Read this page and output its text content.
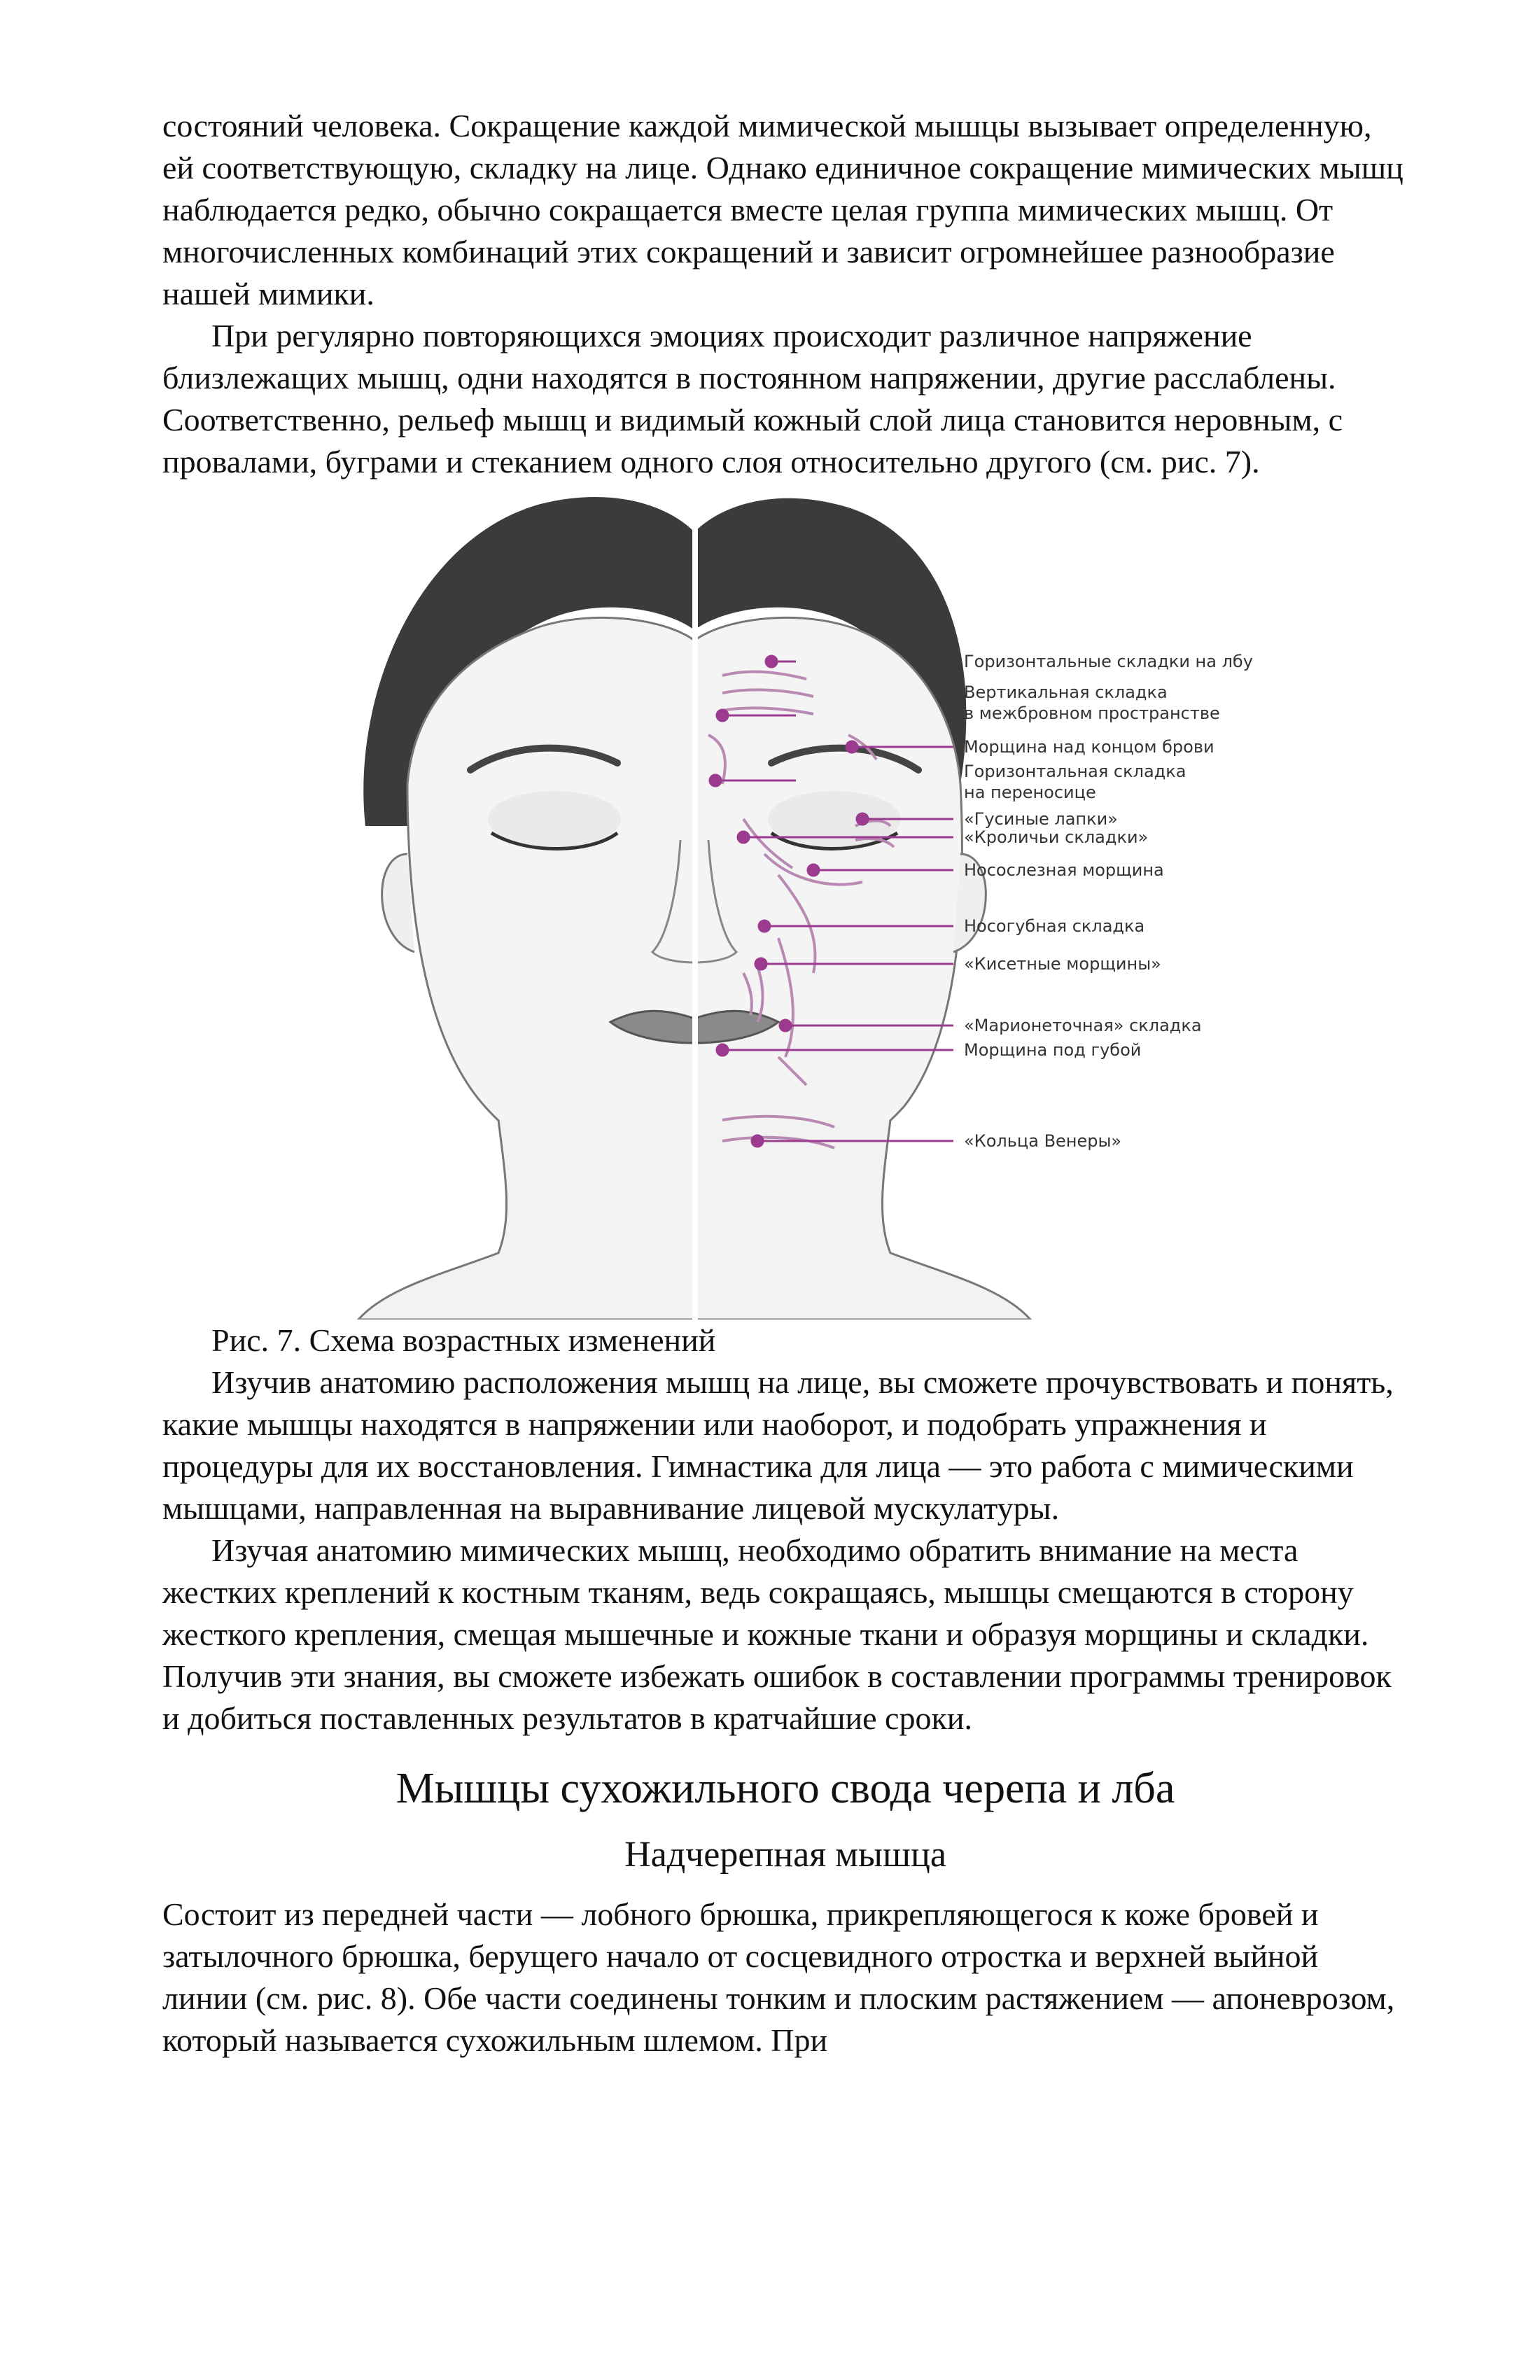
состояний человека. Сокращение каждой мимической мышцы вызывает определенную, ей соответствующую, складку на лице. Однако единичное сокращение мимических мышц наблюдается редко, обычно сокращается вместе целая группа мимических мышц. От многочисленных комбинаций этих сокращений и зависит огромнейшее разнообразие нашей мимики.

При регулярно повторяющихся эмоциях происходит различное напряжение близлежащих мышц, одни находятся в постоянном напряжении, другие расслаблены. Соответственно, рельеф мышц и видимый кожный слой лица становится неровным, с провалами, буграми и стеканием одного слоя относительно другого (см. рис. 7).

Горизонтальные складки на лбу
Вертикальная складка
в межбровном пространстве
Морщина над концом брови
Горизонтальная складка
на переносице
«Гусиные лапки»
«Кроличьи складки»
Носослезная морщина
Носогубная складка
«Кисетные морщины»
«Марионеточная» складка
Морщина под губой
«Кольца Венеры»

Рис. 7. Схема возрастных изменений

Изучив анатомию расположения мышц на лице, вы сможете прочувствовать и понять, какие мышцы находятся в напряжении или наоборот, и подобрать упражнения и процедуры для их восстановления. Гимнастика для лица — это работа с мимическими мышцами, направленная на выравнивание лицевой мускулатуры.

Изучая анатомию мимических мышц, необходимо обратить внимание на места жестких креплений к костным тканям, ведь сокращаясь, мышцы смещаются в сторону жесткого крепления, смещая мышечные и кожные ткани и образуя морщины и складки. Получив эти знания, вы сможете избежать ошибок в составлении программы тренировок и добиться поставленных результатов в кратчайшие сроки.

Мышцы сухожильного свода черепа и лба
Надчерепная мышца

Состоит из передней части — лобного брюшка, прикрепляющегося к коже бровей и затылочного брюшка, берущего начало от сосцевидного отростка и верхней выйной линии (см. рис. 8). Обе части соединены тонким и плоским растяжением — апоневрозом, который называется сухожильным шлемом. При
